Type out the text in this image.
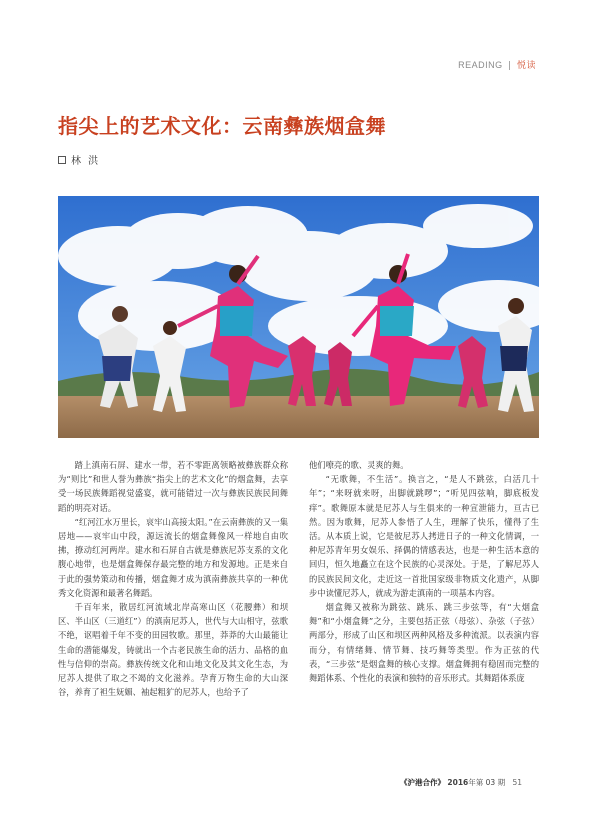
READING | 悦读
指尖上的艺术文化：云南彝族烟盒舞
林 洪

踏上滇南石屏、建水一带，若不零距离领略被彝族群众称为“则比”和世人誉为彝族“指尖上的艺术文化”的烟盒舞，去享受一场民族舞蹈视觉盛宴，就可能错过一次与彝族民族民间舞蹈的明亮对话。

“红河江水万里长，哀牢山高接太阳。”在云南彝族的又一集居地——哀牢山中段，源远流长的烟盒舞像风一样地自由吹拂，撩动红河两岸。建水和石屏自古就是彝族尼苏支系的文化腹心地带，也是烟盒舞保存最完整的地方和发源地。正是来自于此的强势策动和传播，烟盒舞才成为滇南彝族共享的一种优秀文化资源和最著名舞蹈。

千百年来，散居红河流域北岸高寒山区（花腰彝）和坝区、半山区（三道红”）的滇南尼苏人，世代与大山相守，弦歌不绝，讴唱着千年不变的田园牧歌。那里，莽莽的大山最能让生命的潜能爆发，铸就出一个古老民族生命的活力、品格的血性与信仰的崇高。彝族传统文化和山地文化及其文化生态，为尼苏人提供了取之不竭的文化滋养。孕育万物生命的大山深谷，养育了袒生妩媚、袖起粗犷的尼苏人，也给予了

他们嘹亮的歌、灵爽的舞。

“无歌舞，不生活”。换言之，“是人不跳弦，白活几十年”；“来呀就来呀，出脚就跳啰”；“听见四弦响，脚底板发痒”。歌舞原本就是尼苏人与生俱来的一种宣泄能力，亘古已然。因为歌舞，尼苏人参悟了人生，理解了快乐，懂得了生活。从本质上说，它是彼尼苏人拷进日子的一种文化情调，一种尼苏青年男女娱乐、择偶的情感表达，也是一种生活本意的回归，恒久地矗立在这个民族的心灵深处。于是，了解尼苏人的民族民间文化，走近这一首批国家级非物质文化遗产，从脚步中读懂尼苏人，就成为游走滇南的一项基本内容。

烟盒舞又被称为跳弦、跳乐、跳三步弦等，有“大烟盒舞”和“小烟盒舞”之分，主要包括正弦（母弦）、杂弦（子弦）两部分，形成了山区和坝区两种风格及多种流派。以表演内容而分，有情绪舞、情节舞、技巧舞等类型。作为正弦的代表，“三步弦”是烟盒舞的核心支撑。烟盒舞拥有稳固而完整的舞蹈体系、个性化的表演和独特的音乐形式。其舞蹈体系庞

《沪港合作》 2016年第 03 期 51
